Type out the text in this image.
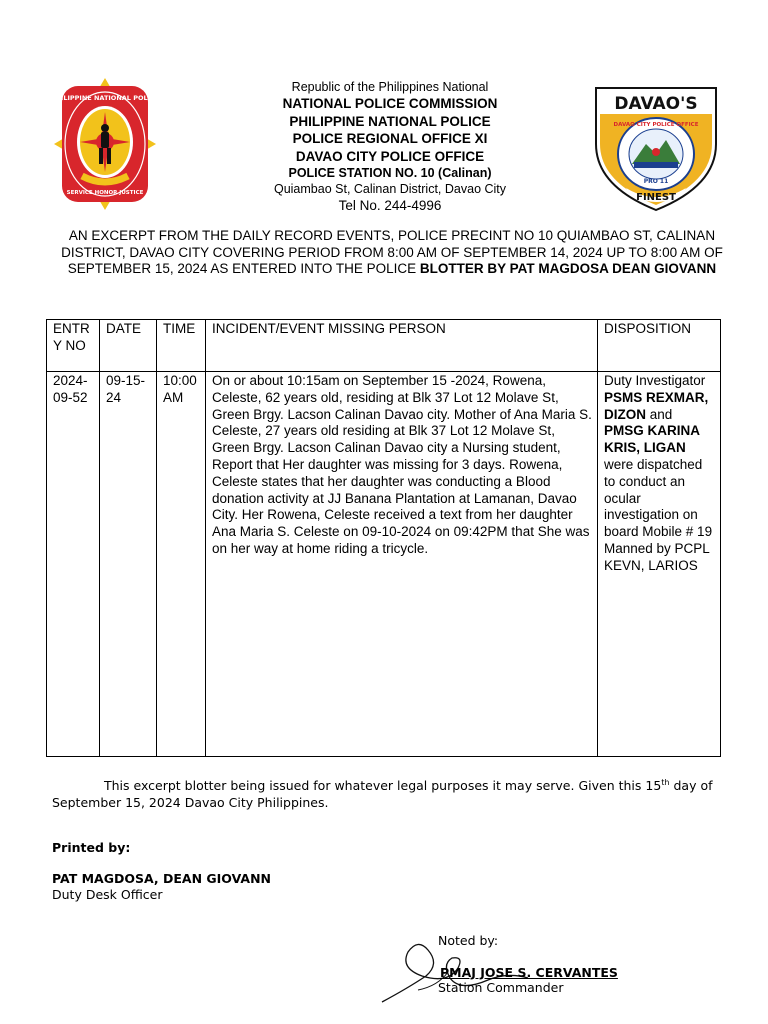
PHILIPPINE NATIONAL POLICE
SERVICE HONOR JUSTICE
DAVAO'S
DAVAO CITY POLICE OFFICE
PRO 11
FINEST
Republic of the Philippines National
NATIONAL POLICE COMMISSION
PHILIPPINE NATIONAL POLICE
POLICE REGIONAL OFFICE XI
DAVAO CITY POLICE OFFICE
POLICE STATION NO. 10 (Calinan)
Quiambao St, Calinan District, Davao City
Tel No. 244-4996
AN EXCERPT FROM THE DAILY RECORD EVENTS, POLICE PRECINT NO 10 QUIAMBAO ST, CALINAN DISTRICT, DAVAO CITY COVERING PERIOD FROM 8:00 AM OF SEPTEMBER 14, 2024 UP TO 8:00 AM OF SEPTEMBER 15, 2024 AS ENTERED INTO THE POLICE BLOTTER BY PAT MAGDOSA DEAN GIOVANN
ENTRY NO	DATE	TIME	INCIDENT/EVENT MISSING PERSON	DISPOSITION
2024-09-52	09-15-24	10:00AM	On or about 10:15am on September 15 -2024, Rowena, Celeste, 62 years old, residing at Blk 37 Lot 12 Molave St, Green Brgy. Lacson Calinan Davao city. Mother of Ana Maria S. Celeste, 27 years old residing at Blk 37 Lot 12 Molave St, Green Brgy. Lacson Calinan Davao city a Nursing student, Report that Her daughter was missing for 3 days. Rowena, Celeste states that her daughter was conducting a Blood donation activity at JJ Banana Plantation at Lamanan, Davao City. Her Rowena, Celeste received a text from her daughter Ana Maria S. Celeste on 09-10-2024 on 09:42PM that She was on her way at home riding a tricycle.	Duty Investigator PSMS REXMAR, DIZON and PMSG KARINA KRIS, LIGAN were dispatched to conduct an ocular investigation on board Mobile # 19 Manned by PCPL KEVN, LARIOS
This excerpt blotter being issued for whatever legal purposes it may serve. Given this 15th day of September 15, 2024 Davao City Philippines.
Printed by:
PAT MAGDOSA, DEAN GIOVANN
Duty Desk Officer
Noted by:
PMAJ JOSE S. CERVANTES
Station Commander
